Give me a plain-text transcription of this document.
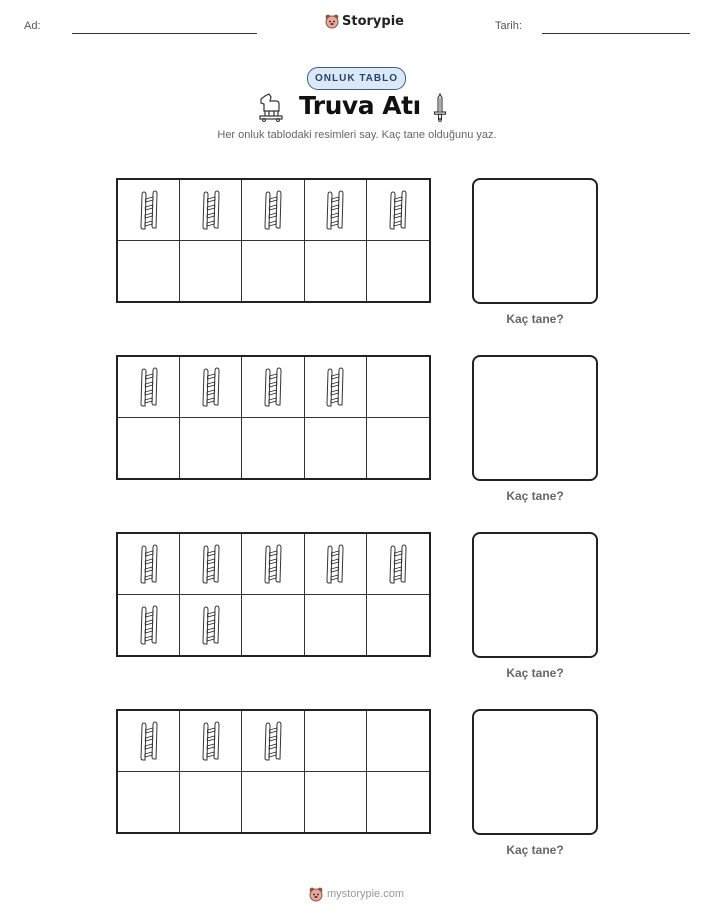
Ad:	Storypie	Tarih:
ONLUK TABLO
Truva Atı
Her onluk tablodaki resimleri say. Kaç tane olduğunu yaz.
Kaç tane?
Kaç tane?
Kaç tane?
Kaç tane?
mystorypie.com
